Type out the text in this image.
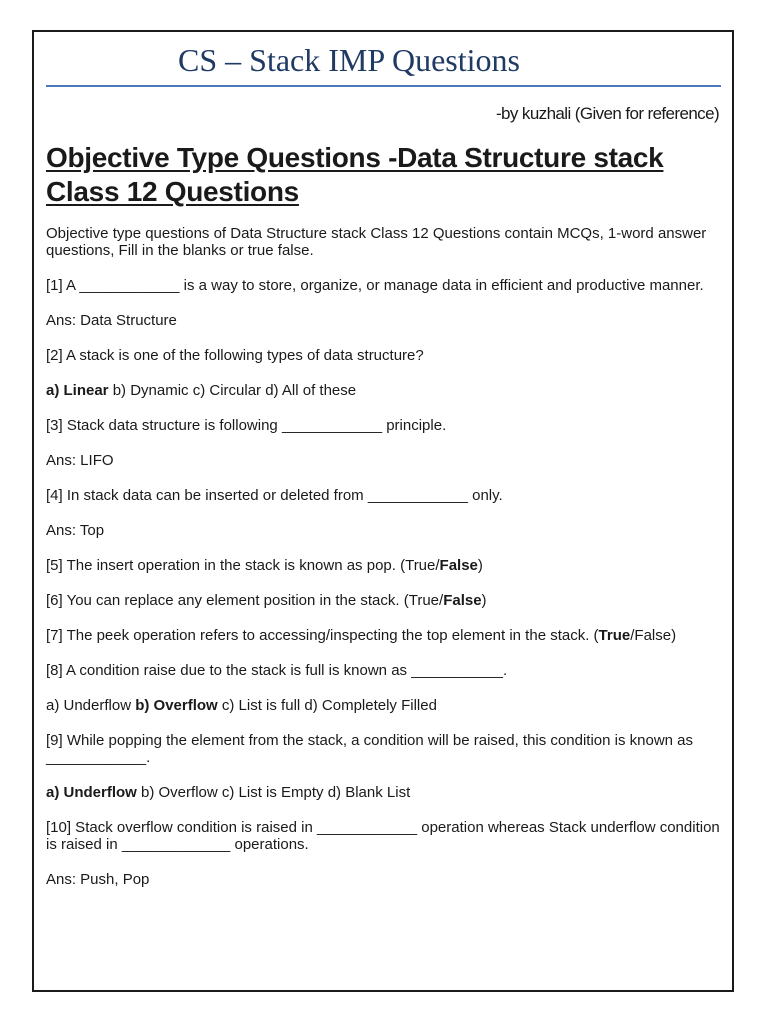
CS – Stack IMP Questions
-by kuzhali (Given for reference)
Objective Type Questions -Data Structure stack
Class 12 Questions

Objective type questions of Data Structure stack Class 12 Questions contain MCQs, 1-word answer questions, Fill in the blanks or true false.

[1] A ____________ is a way to store, organize, or manage data in efficient and productive manner.

Ans: Data Structure

[2] A stack is one of the following types of data structure?

a) Linear b) Dynamic c) Circular d) All of these

[3] Stack data structure is following ____________ principle.

Ans: LIFO

[4] In stack data can be inserted or deleted from ____________ only.

Ans: Top

[5] The insert operation in the stack is known as pop. (True/False)

[6] You can replace any element position in the stack. (True/False)

[7] The peek operation refers to accessing/inspecting the top element in the stack. (True/False)

[8] A condition raise due to the stack is full is known as ___________.

a) Underflow b) Overflow c) List is full d) Completely Filled

[9] While popping the element from the stack, a condition will be raised, this condition is known as ____________.

a) Underflow b) Overflow c) List is Empty d) Blank List

[10] Stack overflow condition is raised in ____________ operation whereas Stack underflow condition is raised in _____________ operations.

Ans: Push, Pop
